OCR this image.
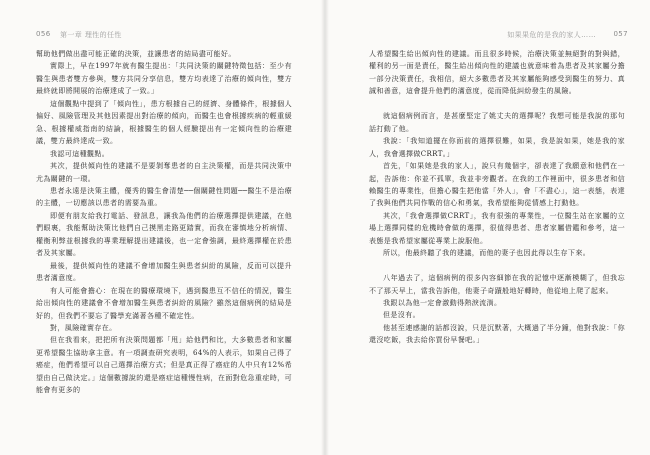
056 第一章 理性的任性

幫助他們做出盡可能正確的決策，並讓患者的結局盡可能好。

實際上，早在1997年就有醫生提出：「共同決策的關鍵特徵包括：至少有醫生與患者雙方參與，雙方共同分享信息，雙方均表達了治療的傾向性，雙方最終就即將開展的治療達成了一致。」

這個觀點中提到了「傾向性」，患方根據自己的經濟、身體條件，根據個人偏好、風險管理及其他因素提出對治療的傾向，而醫生也會根據疾病的輕重緩急、根據權威指南的結論，根據醫生的個人經驗提出有一定傾向性的治療建議，雙方最終達成一致。

我認可這種觀點。

其次，提供傾向性的建議不是要剝奪患者的自主決策權，而是共同決策中尤為關鍵的一環。

患者永遠是決策主體，優秀的醫生會清楚──個關鍵性問題──醫生不是治療的主體，一切應該以患者的需要為重。

即便有朋友給我打電話、發訊息，讓我為他們的治療選擇提供建議，在他們眼裏，我能幫助決策比他們自己摸黑走路更踏實，而我在審慎地分析病情、權衡利弊並根據我的專業理解提出建議後，也一定會強調，最終選擇權在於患者及其家屬。

最後，提供傾向性的建議不會增加醫生與患者糾紛的風險，反而可以提升患者滿意度。

有人可能會擔心：在現在的醫療環境下，遇到醫患互不信任的情況，醫生給出傾向性的建議會不會增加醫生與患者糾紛的風險？雖然這個病例的結局是好的，但我們不要忘了醫學充滿著各種不確定性。

對，風險確實存在。

但在我看來，把把所有決策問題都「甩」給他們和比，大多數患者和家屬更希望醫生協助拿主意。有一項調查研究表明，64%的人表示，如果自己得了癌症，他們希望可以自己選擇治療方式；但是真正得了癌症的人中只有12%希望由自己做決定。」這個數據說的還是癌症這種慢性病，在面對危急重症時，可能會有更多的

如果果危的是我的家人…… 057

人希望醫生給出傾向性的建議。而且很多時候，治療決策並無絕對的對與錯，權利的另一面是責任，醫生給出傾向性的建議也就意味着為患者及其家屬分擔一部分決策責任，我相信，絕大多數患者及其家屬能夠感受到醫生的努力、真誠和善意，這會提升他們的滿意度，從而降低糾紛發生的風險。

就這個病例而言，是甚麼堅定了姚丈夫的選擇呢？我想可能是我說的那句話打動了他。

我說：「我知道擺在你面前的選擇很難，如果，我是說如果，她是我的家人，我會選擇做CRRT。」

首先，「如果她是我的家人」，說只有幾個字，卻表達了我願意和他們在一起，告訴他：你並不孤單，我並非旁觀者。在我的工作裡面中，很多患者和信賴醫生的專業性，但擔心醫生把他當「外人」，會「不盡心」，這一表態，表達了我與他們共同作戰的信心和勇氣，我希望能夠從情感上打動他。

其次，「我會選擇做CRRT」，我有很強的專業性，一位醫生站在家屬的立場上選擇同樣的危機時會做的選擇，很值得患者、患者家屬借鑑和參考，這一表態是我希望家屬從專業上說服他。

所以，他最終聽了我的建議，而他的妻子也因此得以生存下來。

八年過去了，這個病例的很多內容細節在我的記憶中逐漸模糊了，但我忘不了那天早上，當我告訴他，他妻子奇蹟般地好轉時，他從地上爬了起來。

我跟以為他一定會激動得熱淚流淌。

但是沒有。

他甚至連感謝的話都沒說，只是沉默著，大概過了半分鐘，他對我說：「你還沒吃飯，我去給你買份早餐吧。」
